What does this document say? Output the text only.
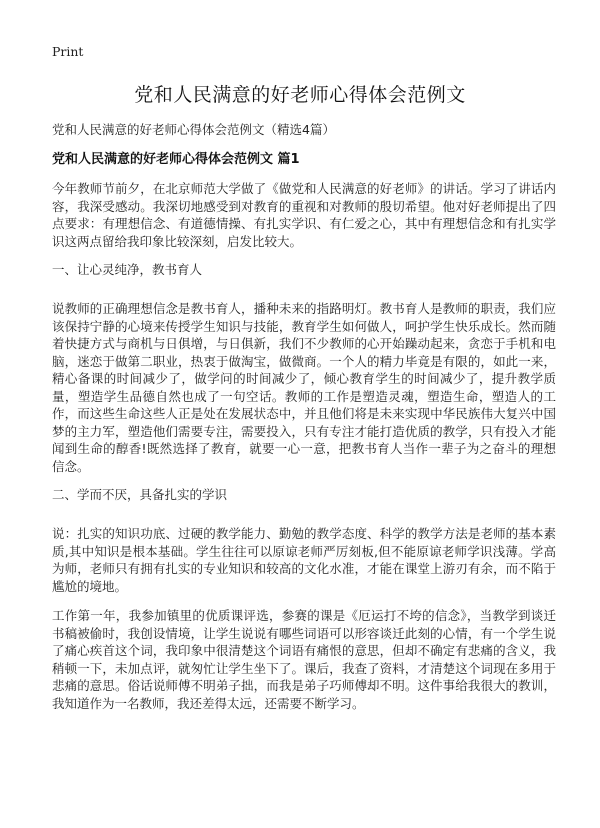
Print
党和人民满意的好老师心得体会范例文
党和人民满意的好老师心得体会范例文（精选4篇）
党和人民满意的好老师心得体会范例文 篇1

今年教师节前夕，在北京师范大学做了《做党和人民满意的好老师》的讲话。学习了讲话内容，我深受感动。我深切地感受到对教育的重视和对教师的殷切希望。他对好老师提出了四点要求：有理想信念、有道德情操、有扎实学识、有仁爱之心，其中有理想信念和有扎实学识这两点留给我印象比较深刻，启发比较大。

一、让心灵纯净，教书育人

说教师的正确理想信念是教书育人，播种未来的指路明灯。教书育人是教师的职责，我们应该保持宁静的心境来传授学生知识与技能，教育学生如何做人，呵护学生快乐成长。然而随着快捷方式与商机与日俱增，与日俱新，我们不少教师的心开始躁动起来，贪恋于手机和电脑，迷恋于做第二职业，热衷于做淘宝，做微商。一个人的精力毕竟是有限的，如此一来，精心备课的时间减少了，做学问的时间减少了，倾心教育学生的时间减少了，提升教学质量，塑造学生品德自然也成了一句空话。教师的工作是塑造灵魂，塑造生命，塑造人的工作，而这些生命这些人正是处在发展状态中，并且他们将是未来实现中华民族伟大复兴中国梦的主力军，塑造他们需要专注，需要投入，只有专注才能打造优质的教学，只有投入才能闻到生命的醇香!既然选择了教育，就要一心一意，把教书育人当作一辈子为之奋斗的理想信念。

二、学而不厌，具备扎实的学识

说：扎实的知识功底、过硬的教学能力、勤勉的教学态度、科学的教学方法是老师的基本素质,其中知识是根本基础。学生往往可以原谅老师严厉刻板,但不能原谅老师学识浅薄。学高为师，老师只有拥有扎实的专业知识和较高的文化水准，才能在课堂上游刃有余，而不陷于尴尬的境地。

工作第一年，我参加镇里的优质课评选，参赛的课是《厄运打不垮的信念》，当教学到谈迁书稿被偷时，我创设情境，让学生说说有哪些词语可以形容谈迁此刻的心情，有一个学生说了痛心疾首这个词，我印象中很清楚这个词语有痛恨的意思，但却不确定有悲痛的含义，我稍顿一下，未加点评，就匆忙让学生坐下了。课后，我查了资料，才清楚这个词现在多用于悲痛的意思。俗话说师傅不明弟子拙，而我是弟子巧师傅却不明。这件事给我很大的教训，我知道作为一名教师，我还差得太远，还需要不断学习。
